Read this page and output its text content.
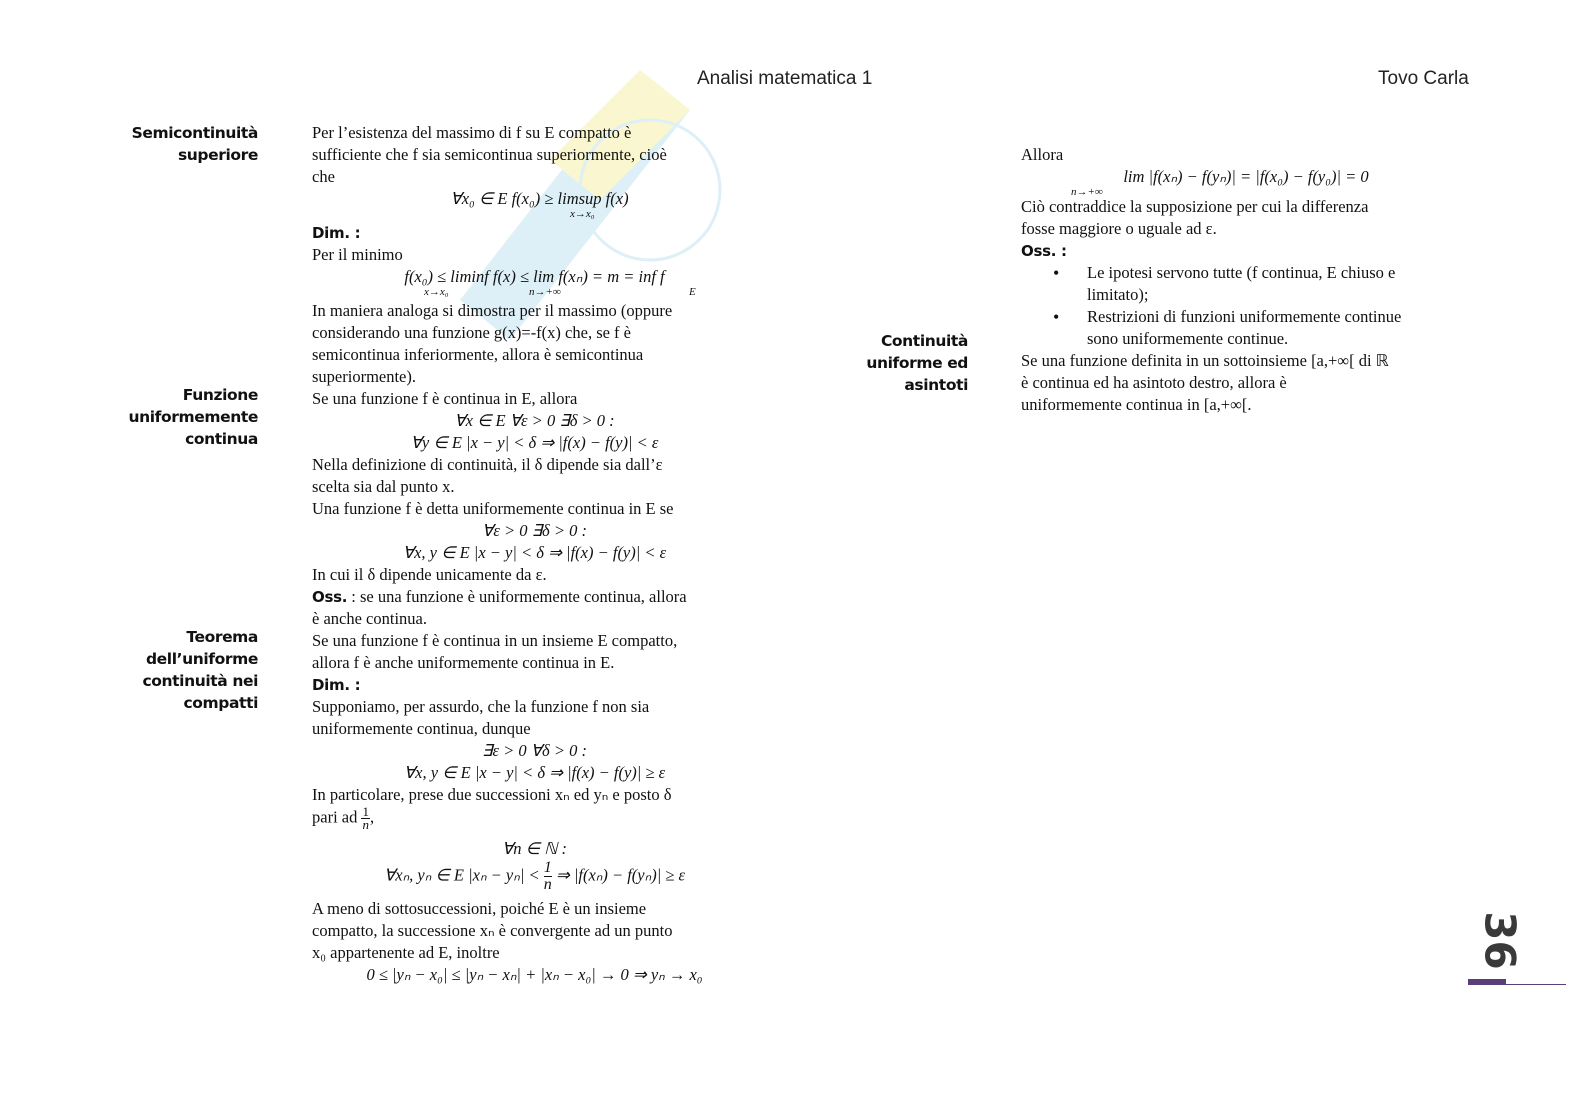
Analisi matematica 1	Tovo Carla
Semicontinuità
superiore
Funzione
uniformemente
continua
Teorema
dell’uniforme
continuità nei
compatti
Continuità
uniforme ed
asintoti
Per l’esistenza del massimo di f su E compatto è
sufficiente che f sia semicontinua superiormente, cioè
che
∀x₀ ∈ E f(x₀) ≥ limsup f(x)
x→x₀
Dim. :
Per il minimo
f(x₀) ≤ liminf f(x) ≤ lim f(xₙ) = m = inf f
x→x₀	n→+∞	E
In maniera analoga si dimostra per il massimo (oppure
considerando una funzione g(x)=-f(x) che, se f è
semicontinua inferiormente, allora è semicontinua
superiormente).
Se una funzione f è continua in E, allora
∀x ∈ E ∀ε > 0 ∃δ > 0 :
∀y ∈ E |x − y| < δ ⇒ |f(x) − f(y)| < ε
Nella definizione di continuità, il δ dipende sia dall’ε
scelta sia dal punto x.
Una funzione f è detta uniformemente continua in E se
∀ε > 0 ∃δ > 0 :
∀x, y ∈ E |x − y| < δ ⇒ |f(x) − f(y)| < ε
In cui il δ dipende unicamente da ε.
Oss. : se una funzione è uniformemente continua, allora
è anche continua.
Se una funzione f è continua in un insieme E compatto,
allora f è anche uniformemente continua in E.
Dim. :
Supponiamo, per assurdo, che la funzione f non sia
uniformemente continua, dunque
∃ε > 0 ∀δ > 0 :
∀x, y ∈ E |x − y| < δ ⇒ |f(x) − f(y)| ≥ ε
In particolare, prese due successioni xₙ ed yₙ e posto δ
pari ad $\frac{1}{n}$ ,
∀n ∈ ℕ :
∀xₙ, yₙ ∈ E $|x_n - y_n| < \frac{1}{n}$ ⇒ |f(xₙ) − f(yₙ)| ≥ ε
A meno di sottosuccessioni, poiché E è un insieme
compatto, la successione xₙ è convergente ad un punto
x₀ appartenente ad E, inoltre
0 ≤ |yₙ − x₀| ≤ |yₙ − xₙ| + |xₙ − x₀| → 0 ⇒ yₙ → x₀
Allora
lim |f(xₙ) − f(yₙ)| = |f(x₀) − f(y₀)| = 0
n→+∞
Ciò contraddice la supposizione per cui la differenza
fosse maggiore o uguale ad ε.
Oss. :
• Le ipotesi servono tutte (f continua, E chiuso e
limitato);
• Restrizioni di funzioni uniformemente continue
sono uniformemente continue.
Se una funzione definita in un sottoinsieme [a,+∞[ di ℝ
è continua ed ha asintoto destro, allora è
uniformemente continua in [a,+∞[.
36
